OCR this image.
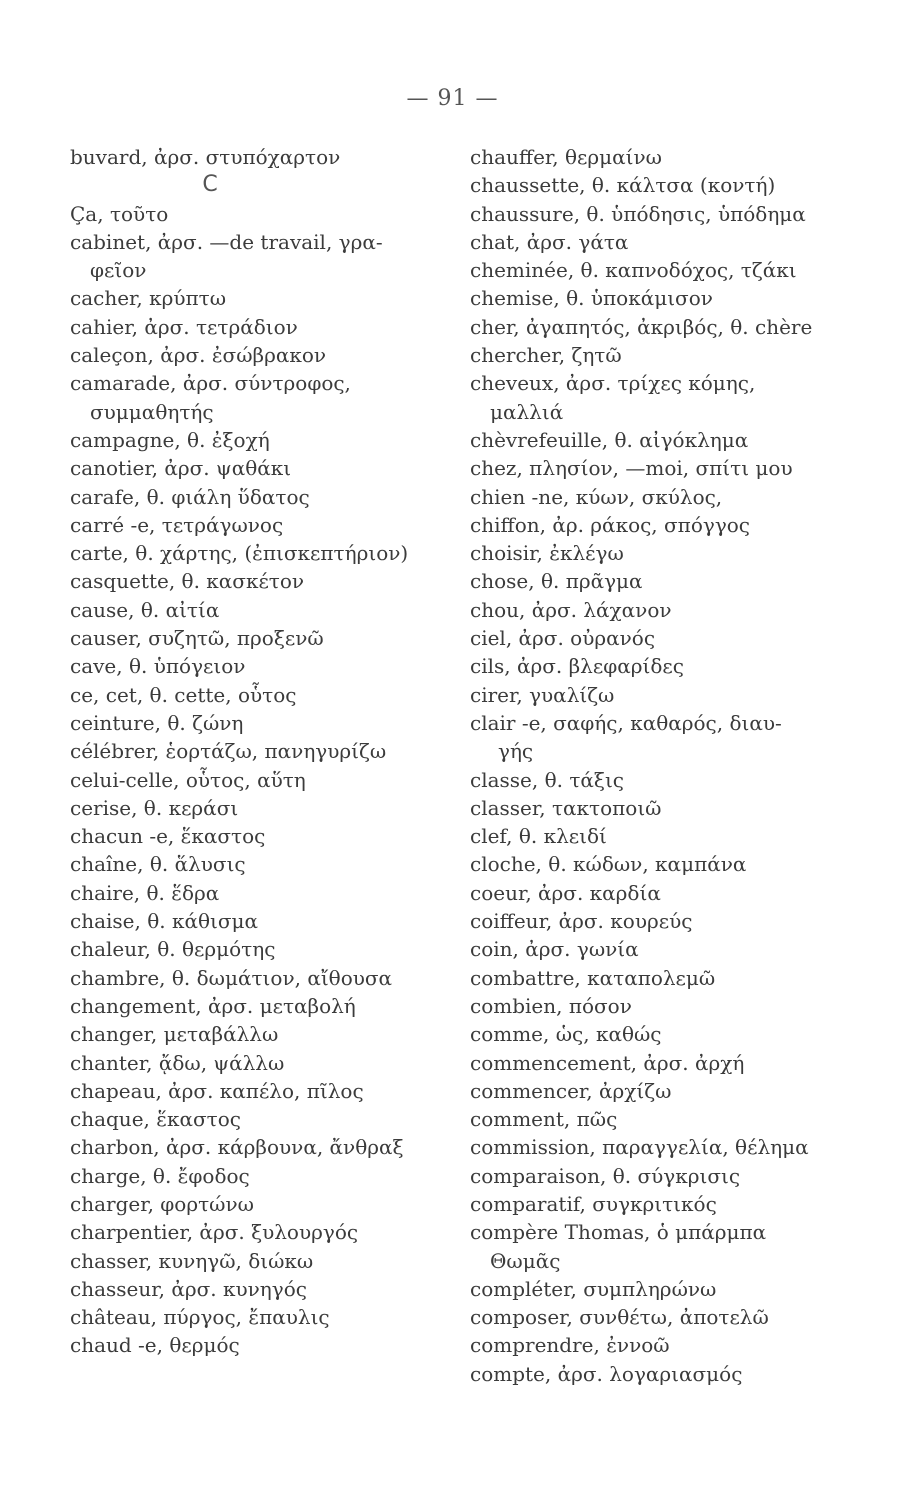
— 91 —
buvard, ἀρσ. στυπόχαρτον
C
Ça, τοῦτο
cabinet, ἀρσ. —de travail, γρα-
φεῖον
cacher, κρύπτω
cahier, ἀρσ. τετράδιον
caleçon, ἀρσ. ἐσώβρακον
camarade, ἀρσ. σύντροφος,
συμμαθητής
campagne, θ. ἐξοχή
canotier, ἀρσ. ψαθάκι
carafe, θ. φιάλη ὕδατος
carré -e, τετράγωνος
carte, θ. χάρτης, (ἐπισκεπτήριον)
casquette, θ. κασκέτον
cause, θ. αἰτία
causer, συζητῶ, προξενῶ
cave, θ. ὑπόγειον
ce, cet, θ. cette, οὗτος
ceinture, θ. ζώνη
célébrer, ἑορτάζω, πανηγυρίζω
celui-celle, οὗτος, αὕτη
cerise, θ. κεράσι
chacun -e, ἕκαστος
chaîne, θ. ἅλυσις
chaire, θ. ἕδρα
chaise, θ. κάθισμα
chaleur, θ. θερμότης
chambre, θ. δωμάτιον, αἴθουσα
changement, ἀρσ. μεταβολή
changer, μεταβάλλω
chanter, ᾄδω, ψάλλω
chapeau, ἀρσ. καπέλο, πῖλος
chaque, ἕκαστος
charbon, ἀρσ. κάρβουνα, ἄνθραξ
charge, θ. ἔφοδος
charger, φορτώνω
charpentier, ἀρσ. ξυλουργός
chasser, κυνηγῶ, διώκω
chasseur, ἀρσ. κυνηγός
château, πύργος, ἔπαυλις
chaud -e, θερμός
chauffer, θερμαίνω
chaussette, θ. κάλτσα (κοντή)
chaussure, θ. ὑπόδησις, ὑπόδημα
chat, ἀρσ. γάτα
cheminée, θ. καπνοδόχος, τζάκι
chemise, θ. ὑποκάμισον
cher, ἀγαπητός, ἀκριβός, θ. chère
chercher, ζητῶ
cheveux, ἀρσ. τρίχες κόμης,
μαλλιά
chèvrefeuille, θ. αἰγόκλημα
chez, πλησίον, —moi, σπίτι μου
chien -ne, κύων, σκύλος,
chiffon, ἀρ. ράκος, σπόγγος
choisir, ἐκλέγω
chose, θ. πρᾶγμα
chou, ἀρσ. λάχανον
ciel, ἀρσ. οὐρανός
cils, ἀρσ. βλεφαρίδες
cirer, γυαλίζω
clair -e, σαφής, καθαρός, διαυ-
γής
classe, θ. τάξις
classer, τακτοποιῶ
clef, θ. κλειδί
cloche, θ. κώδων, καμπάνα
coeur, ἀρσ. καρδία
coiffeur, ἀρσ. κουρεύς
coin, ἀρσ. γωνία
combattre, καταπολεμῶ
combien, πόσον
comme, ὡς, καθώς
commencement, ἀρσ. ἀρχή
commencer, ἀρχίζω
comment, πῶς
commission, παραγγελία, θέλημα
comparaison, θ. σύγκρισις
comparatif, συγκριτικός
compère Thomas, ὁ μπάρμπα
Θωμᾶς
compléter, συμπληρώνω
composer, συνθέτω, ἀποτελῶ
comprendre, ἐννοῶ
compte, ἀρσ. λογαριασμός
